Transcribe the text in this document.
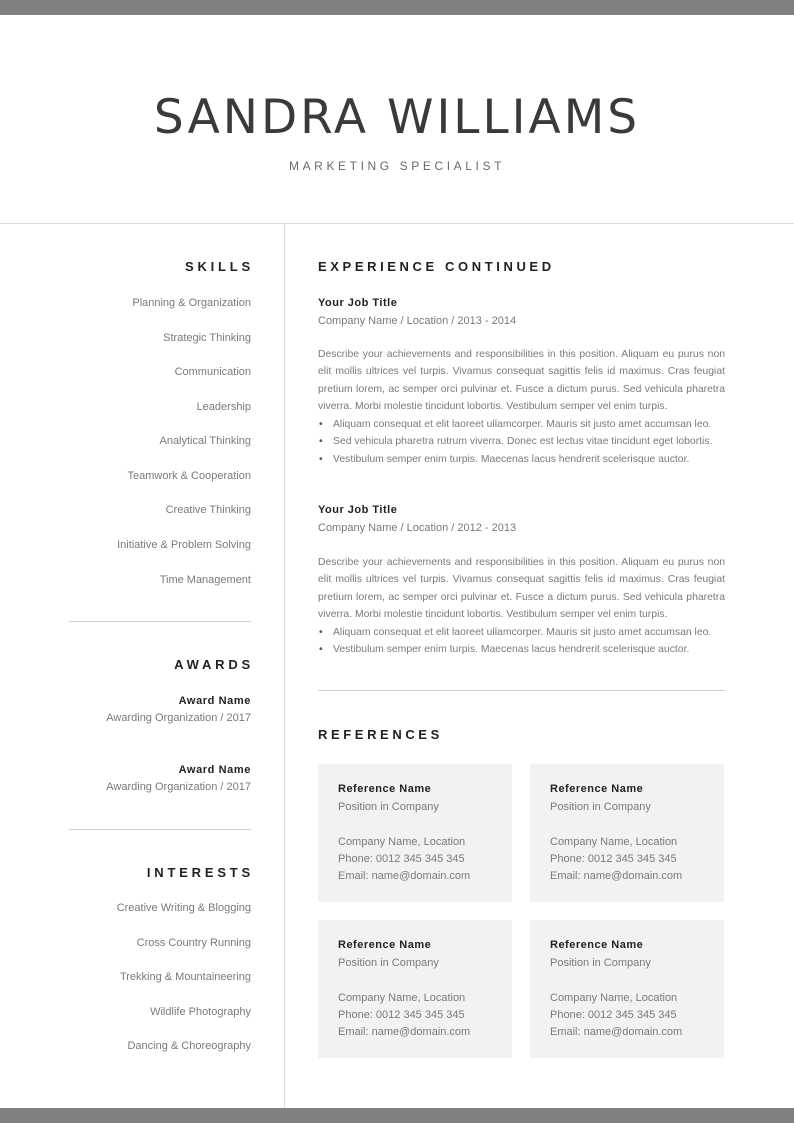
SANDRA WILLIAMS
MARKETING SPECIALIST
SKILLS
Planning & Organization
Strategic Thinking
Communication
Leadership
Analytical Thinking
Teamwork & Cooperation
Creative Thinking
Initiative & Problem Solving
Time Management
AWARDS
Award Name
Awarding Organization / 2017
Award Name
Awarding Organization / 2017
INTERESTS
Creative Writing & Blogging
Cross Country Running
Trekking & Mountaineering
Wildlife Photography
Dancing & Choreography
EXPERIENCE CONTINUED
Your Job Title
Company Name / Location / 2013 - 2014

Describe your achievements and responsibilities in this position. Aliquam eu purus non elit mollis ultrices vel turpis. Vivamus consequat sagittis felis id maximus. Cras feugiat pretium lorem, ac semper orci pulvinar et. Fusce a dictum purus. Sed vehicula pharetra viverra. Morbi molestie tincidunt lobortis. Vestibulum semper vel enim turpis.

• Aliquam consequat et elit laoreet ullamcorper. Mauris sit justo amet accumsan leo.
• Sed vehicula pharetra rutrum viverra. Donec est lectus vitae tincidunt eget lobortis.
• Vestibulum semper enim turpis. Maecenas lacus hendrerit scelerisque auctor.
Your Job Title
Company Name / Location / 2012 - 2013

Describe your achievements and responsibilities in this position. Aliquam eu purus non elit mollis ultrices vel turpis. Vivamus consequat sagittis felis id maximus. Cras feugiat pretium lorem, ac semper orci pulvinar et. Fusce a dictum purus. Sed vehicula pharetra viverra. Morbi molestie tincidunt lobortis. Vestibulum semper vel enim turpis.

• Aliquam consequat et elit laoreet ullamcorper. Mauris sit justo amet accumsan leo.
• Vestibulum semper enim turpis. Maecenas lacus hendrerit scelerisque auctor.
REFERENCES
Reference Name
Position in Company
Company Name, Location
Phone: 0012 345 345 345
Email: name@domain.com
Reference Name
Position in Company
Company Name, Location
Phone: 0012 345 345 345
Email: name@domain.com
Reference Name
Position in Company
Company Name, Location
Phone: 0012 345 345 345
Email: name@domain.com
Reference Name
Position in Company
Company Name, Location
Phone: 0012 345 345 345
Email: name@domain.com
